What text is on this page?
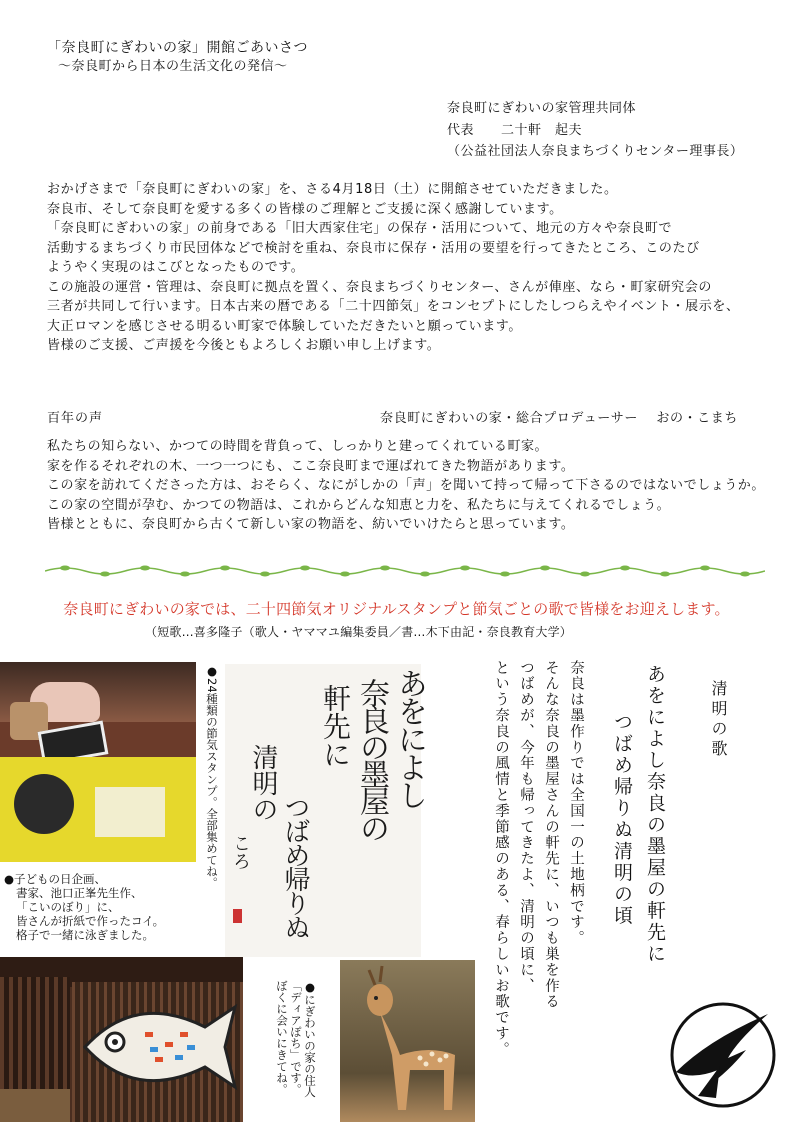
「奈良町にぎわいの家」開館ごあいさつ
～奈良町から日本の生活文化の発信～
奈良町にぎわいの家管理共同体
代表　　二十軒　起夫
（公益社団法人奈良まちづくりセンター理事長）
おかげさまで「奈良町にぎわいの家」を、さる4月18日（土）に開館させていただきました。
奈良市、そして奈良町を愛する多くの皆様のご理解とご支援に深く感謝しています。
「奈良町にぎわいの家」の前身である「旧大西家住宅」の保存・活用について、地元の方々や奈良町で
活動するまちづくり市民団体などで検討を重ね、奈良市に保存・活用の要望を行ってきたところ、このたび
ようやく実現のはこびとなったものです。
この施設の運営・管理は、奈良町に拠点を置く、奈良まちづくりセンター、さんが俥座、なら・町家研究会の
三者が共同して行います。日本古来の暦である「二十四節気」をコンセプトにしたしつらえやイベント・展示を、
大正ロマンを感じさせる明るい町家で体験していただきたいと願っています。
皆様のご支援、ご声援を今後ともよろしくお願い申し上げます。
百年の声	奈良町にぎわいの家・総合プロデューサー　 おの・こまち
私たちの知らない、かつての時間を背負って、しっかりと建ってくれている町家。
家を作るそれぞれの木、一つ一つにも、ここ奈良町まで運ばれてきた物語があります。
この家を訪れてくださった方は、おそらく、なにがしかの「声」を聞いて持って帰って下さるのではないでしょうか。
この家の空間が孕む、かつての物語は、これからどんな知恵と力を、私たちに与えてくれるでしょう。
皆様とともに、奈良町から古くて新しい家の物語を、紡いでいけたらと思っています。
奈良町にぎわいの家では、二十四節気オリジナルスタンプと節気ごとの歌で皆様をお迎えします。
（短歌…喜多隆子（歌人・ヤママユ編集委員／書…木下由記・奈良教育大学）
●24種類の節気スタンプ。全部集めてね。
●子どもの日企画、
書家、池口正峯先生作、
「こいのぼり」に、
皆さんが折紙で作ったコイ。
格子で一緒に泳ぎました。
あをによし
奈良の墨屋の
軒先に
つばめ帰りぬ
清明の
ころ
●にぎわいの家の住人
「ディアぽち」です。
ぼくに会いにきてね。
奈良は墨作りでは全国一の土地柄です。
そんな奈良の墨屋さんの軒先に、いつも巣を作る
つばめが、今年も帰ってきたよ、清明の頃に、
という奈良の風情と季節感のある、春らしいお歌です。	あをによし奈良の墨屋の軒先に
つばめ帰りぬ清明の頃	清明の歌
